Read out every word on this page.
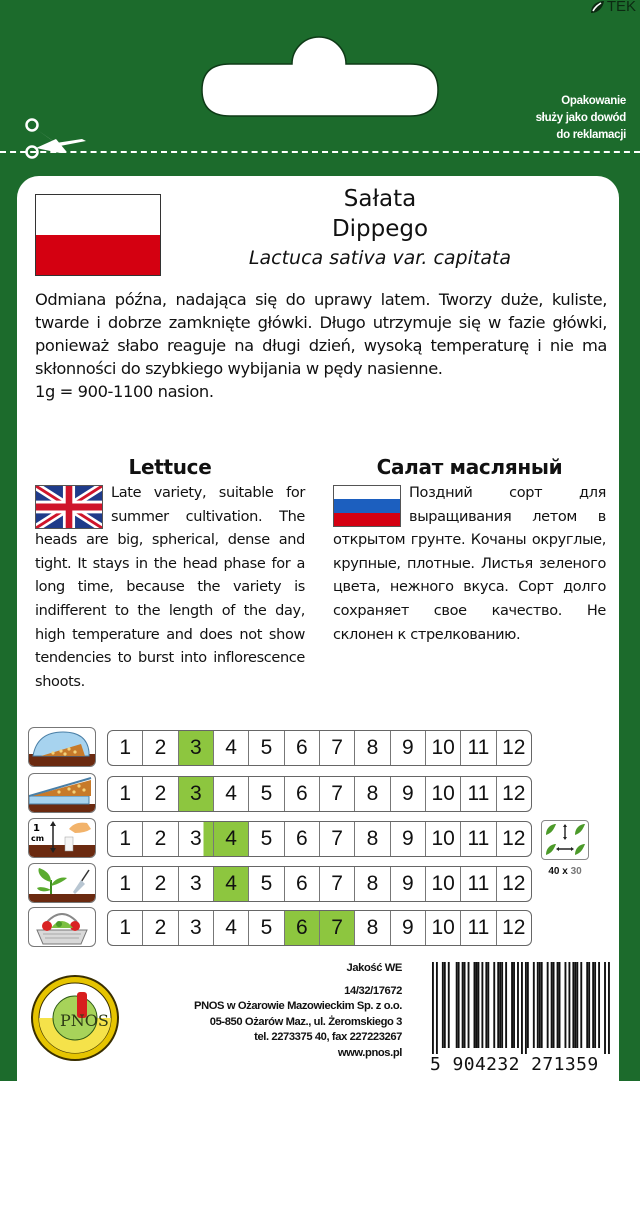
TEK
Opakowanie
służy jako dowód
do reklamacji
Sałata
Dippego
Lactuca sativa var. capitata
Odmiana późna, nadająca się do uprawy latem. Tworzy duże, kuliste, twarde i dobrze zamknięte główki. Długo utrzymuje się w fazie główki, ponieważ słabo reaguje na długi dzień, wysoką temperaturę i nie ma skłonności do szybkiego wybijania w pędy nasienne.
1g = 900-1100 nasion.
Lettuce
Late variety, suitable for summer cultivation. The heads are big, spherical, dense and tight. It stays in the head phase for a long time, because the variety is indifferent to the length of the day, high temperature and does not show tendencies to burst into inflorescence shoots.
Салат масляный
Поздний сорт для выращивания летом в открытом грунте. Кочаны округлые, крупные, плотные. Листья зеленого цвета, нежного вкуса. Сорт долго сохраняет свое качество. Не склонен к стрелкованию.
1 2 3 4 5 6 7 8 9 10 11 12
1 2 3 4 5 6 7 8 9 10 11 12
1
cm	1 2 3 4 5 6 7 8 9 10 11 12
1 2 3 4 5 6 7 8 9 10 11 12
1 2 3 4 5 6 7 8 9 10 11 12
40 x 30
PNOS
Jakość WE
14/32/17672
PNOS w Ożarowie Mazowieckim Sp. z o.o.
05-850 Ożarów Maz., ul. Żeromskiego 3
tel. 2273375 40, fax 227223267
www.pnos.pl
5 904232 271359
